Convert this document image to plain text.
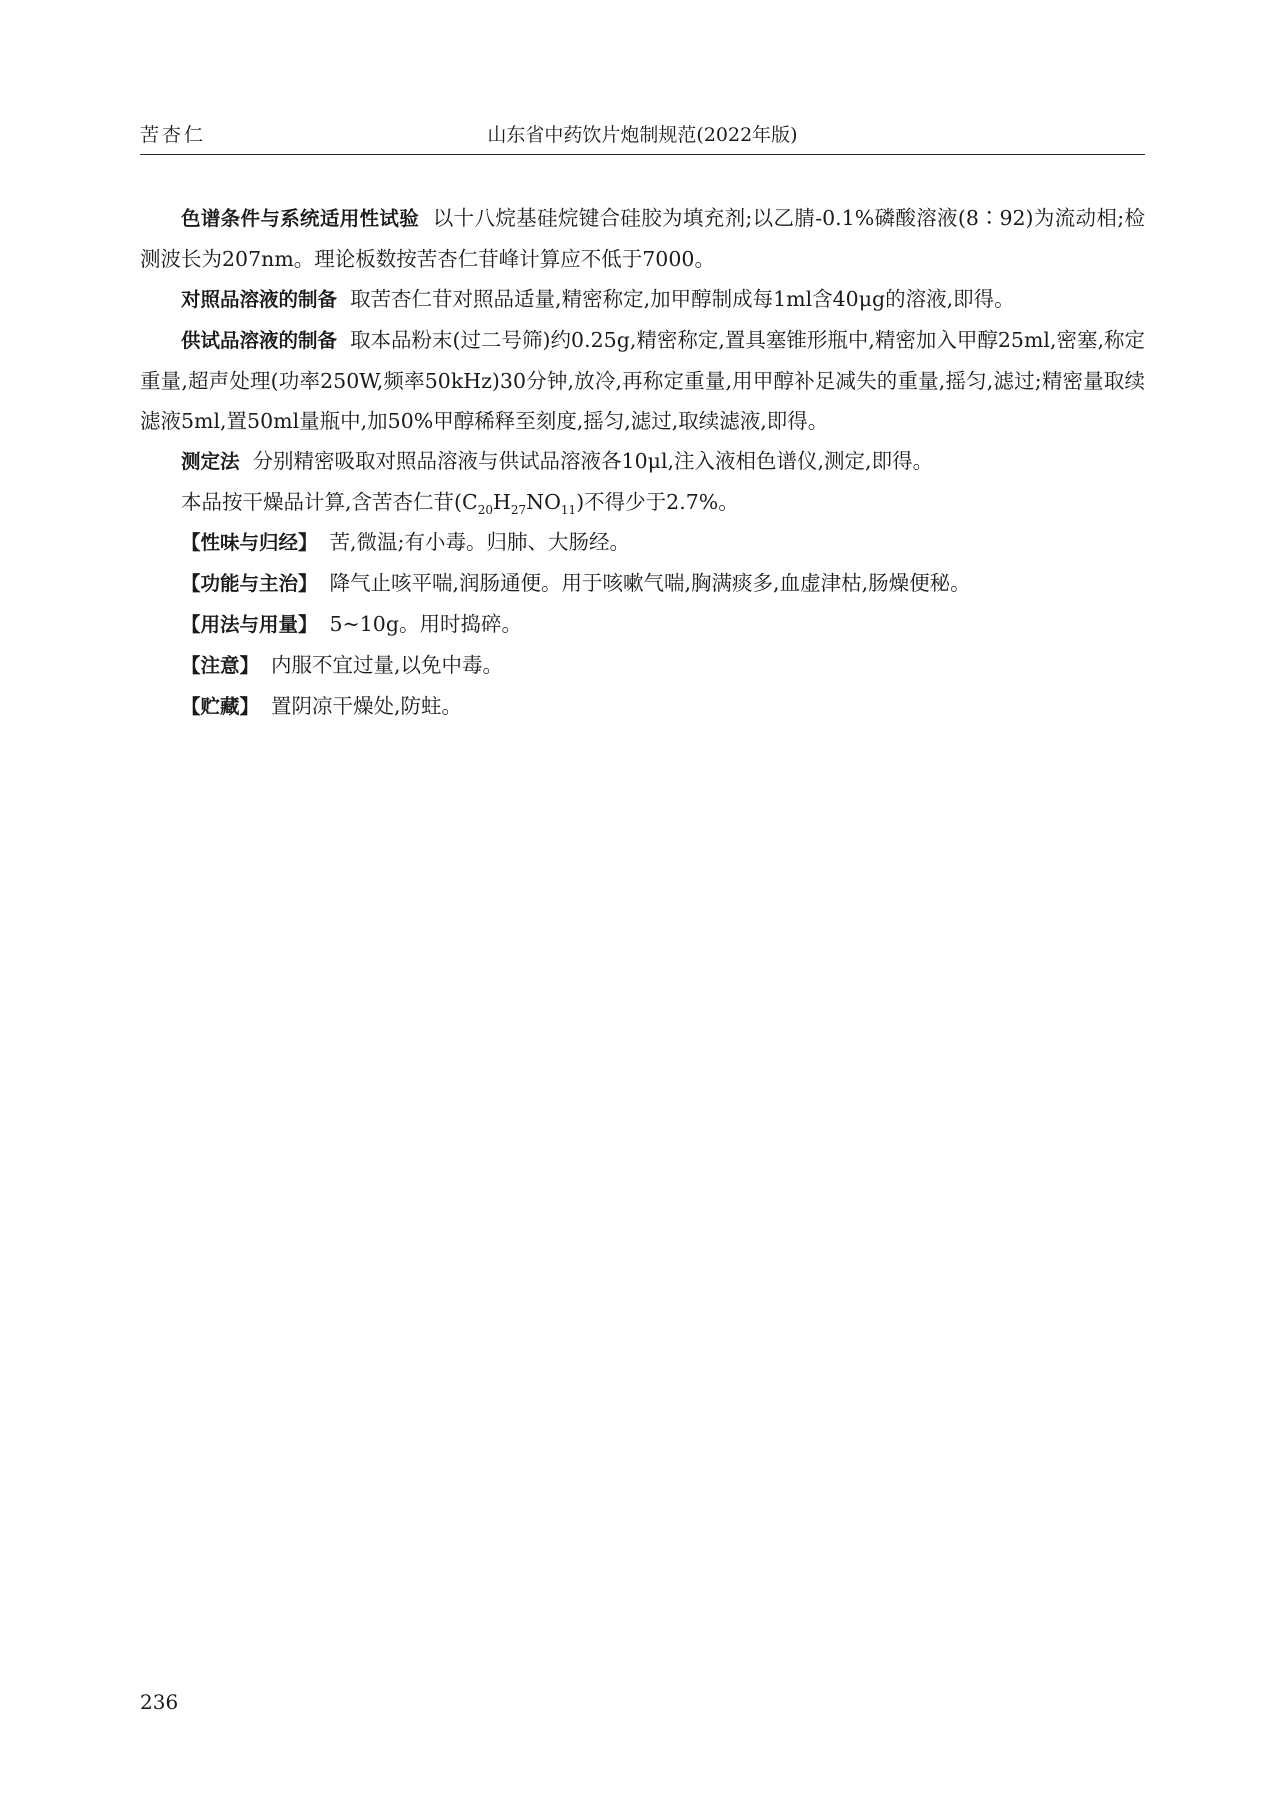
苦杏仁	山东省中药饮片炮制规范(2022年版)

色谱条件与系统适用性试验 以十八烷基硅烷键合硅胶为填充剂;以乙腈-0.1%磷酸溶液(8∶92)为流动相;检测波长为207nm。理论板数按苦杏仁苷峰计算应不低于7000。

对照品溶液的制备 取苦杏仁苷对照品适量,精密称定,加甲醇制成每1ml含40μg的溶液,即得。

供试品溶液的制备 取本品粉末(过二号筛)约0.25g,精密称定,置具塞锥形瓶中,精密加入甲醇25ml,密塞,称定重量,超声处理(功率250W,频率50kHz)30分钟,放冷,再称定重量,用甲醇补足减失的重量,摇匀,滤过;精密量取续滤液5ml,置50ml量瓶中,加50%甲醇稀释至刻度,摇匀,滤过,取续滤液,即得。

测定法 分别精密吸取对照品溶液与供试品溶液各10μl,注入液相色谱仪,测定,即得。

本品按干燥品计算,含苦杏仁苷$(C_{20}H_{27}NO_{11})$不得少于2.7%。

【性味与归经】 苦,微温;有小毒。归肺、大肠经。

【功能与主治】 降气止咳平喘,润肠通便。用于咳嗽气喘,胸满痰多,血虚津枯,肠燥便秘。

【用法与用量】 5~10g。用时捣碎。

【注意】 内服不宜过量,以免中毒。

【贮藏】 置阴凉干燥处,防蛀。

236
